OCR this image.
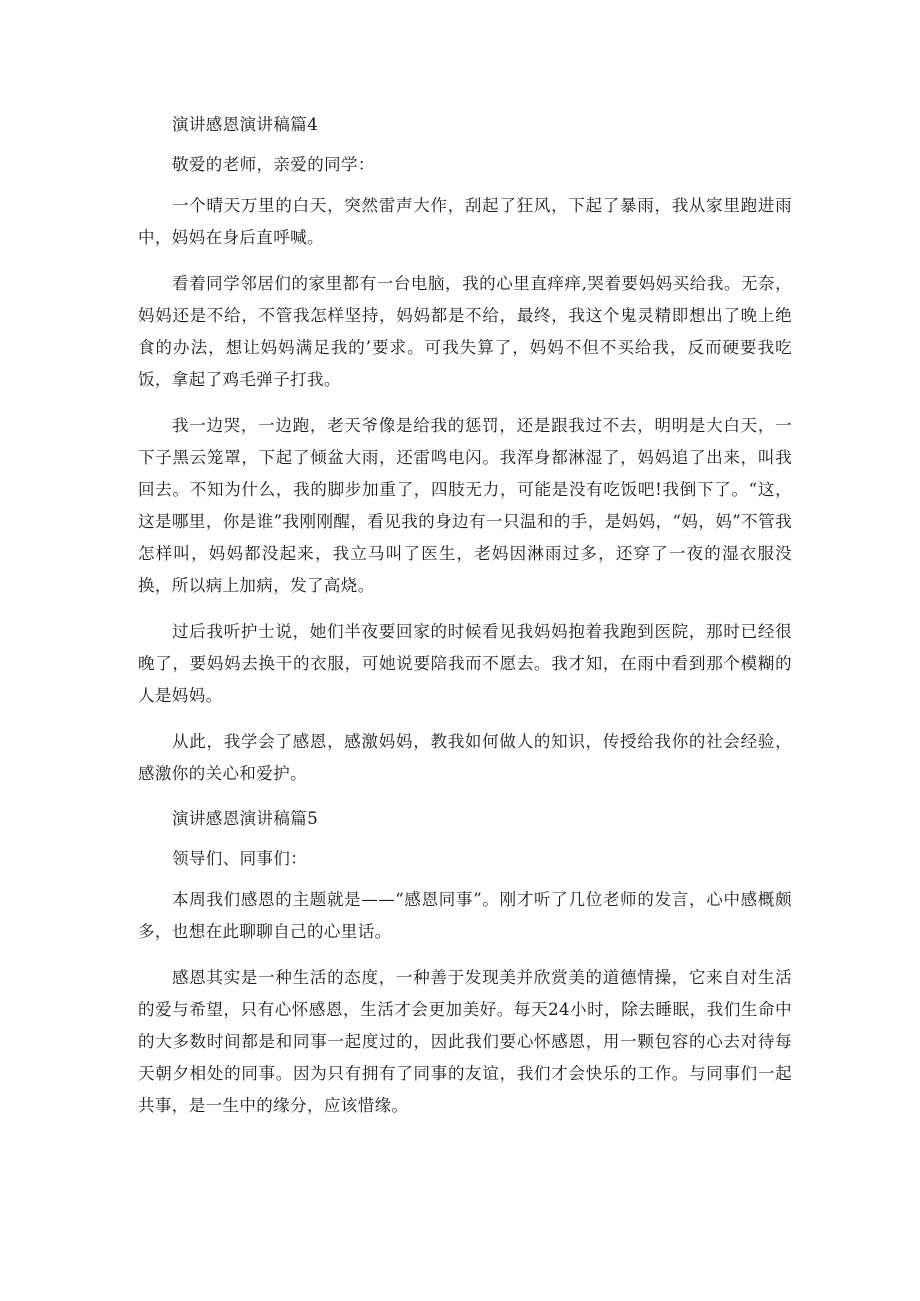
演讲感恩演讲稿篇4

敬爱的老师，亲爱的同学：

一个晴天万里的白天，突然雷声大作，刮起了狂风，下起了暴雨，我从家里跑进雨中，妈妈在身后直呼喊。

看着同学邻居们的家里都有一台电脑，我的心里直痒痒,哭着要妈妈买给我。无奈，妈妈还是不给，不管我怎样坚持，妈妈都是不给，最终，我这个鬼灵精即想出了晚上绝食的办法，想让妈妈满足我的’要求。可我失算了，妈妈不但不买给我，反而硬要我吃饭，拿起了鸡毛弹子打我。

我一边哭，一边跑，老天爷像是给我的惩罚，还是跟我过不去，明明是大白天，一下子黑云笼罩，下起了倾盆大雨，还雷鸣电闪。我浑身都淋湿了，妈妈追了出来，叫我回去。不知为什么，我的脚步加重了，四肢无力，可能是没有吃饭吧!我倒下了。“这，这是哪里，你是谁”我刚刚醒，看见我的身边有一只温和的手，是妈妈，“妈，妈”不管我怎样叫，妈妈都没起来，我立马叫了医生，老妈因淋雨过多，还穿了一夜的湿衣服没换，所以病上加病，发了高烧。

过后我听护士说，她们半夜要回家的时候看见我妈妈抱着我跑到医院，那时已经很晚了，要妈妈去换干的衣服，可她说要陪我而不愿去。我才知，在雨中看到那个模糊的人是妈妈。

从此，我学会了感恩，感激妈妈，教我如何做人的知识，传授给我你的社会经验，感激你的关心和爱护。

演讲感恩演讲稿篇5

领导们、同事们：

本周我们感恩的主题就是——“感恩同事”。刚才听了几位老师的发言，心中感概颇多，也想在此聊聊自己的心里话。

感恩其实是一种生活的态度，一种善于发现美并欣赏美的道德情操，它来自对生活的爱与希望，只有心怀感恩，生活才会更加美好。每天24小时，除去睡眠，我们生命中的大多数时间都是和同事一起度过的，因此我们要心怀感恩，用一颗包容的心去对待每天朝夕相处的同事。因为只有拥有了同事的友谊，我们才会快乐的工作。与同事们一起共事，是一生中的缘分，应该惜缘。
